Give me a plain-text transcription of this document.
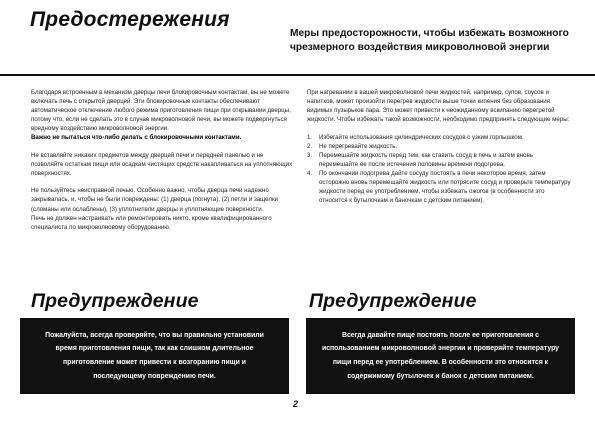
Предостережения
Меры предосторожности, чтобы избежать возможного чрезмерного воздействия микроволновой энергии

Благодаря встроенным в механизм дверцы печи блокировочным контактам, вы не можете включать печь с открытой дверцей. Эти блокировочные контакты обеспечивают автоматическое отключение любого режима приготовления пищи при открывании дверцы, потому что, если не сделать это в случае микроволновой печи, вы можете подвергнуться вредному воздействию микроволновой энергии.

Важно не пытаться что-либо делать с блокировочными контактами.

Не вставляйте никаких предметов между дверцей печи и передней панелью и не позволяйте остаткам пищи или осадкам чистящих средств накапливаться на уплотняющих поверхностях.

Не пользуйтесь неисправной печью. Особенно важно, чтобы дверца печи надежно закрывалась, и, чтобы не были повреждены: (1) дверца (погнута), (2) петли и защелки (сломаны или ослаблены), (3) уплотнители дверцы и уплотняющие поверхности.

Печь не должен настраивать или ремонтировать никто, кроме квалифицированного специалиста по микроволновому оборудованию.

При нагревании в вашей микроволновой печи жидкостей, например, супов, соусов и напитков, может произойти перегрев жидкости выше точки кипения без образования видимых пузырьков пара. Это может привести к неожиданному вскипанию перегретой жидкости. Чтобы избежать такой возможности, необходимо предпринять следующие меры:

1.	Избегайте использования цилиндрических сосудов с узким горлышком.
2.	Не перегревайте жидкость.
3.	Перемешайте жидкость перед тем, как ставить сосуд в печь и затем вновь перемешайте ее после истечения половины времени подогрева.
4.	По окончании подогрева дайте сосуду постоять в печи некоторое время, затем осторожно вновь перемешайте жидкость или потрясите сосуд и проверьте температуру жидкости перед ее употреблением, чтобы избежать ожогов (в особенности это относится к бутылочкам и баночкам с детским питанием).
Предупреждение	Предупреждение
Пожалуйста, всегда проверяйте, что вы правильно установили время приготовления пищи, так как слишком длительное приготовление может привести к возгоранию пищи и последующему повреждению печи.
Всегда давайте пище постоять после ее приготовления с использованием микроволновой энергии и проверяйте температуру пищи перед ее употреблением. В особенности это относится к содержимому бутылочек и банок с детским питанием.
2
